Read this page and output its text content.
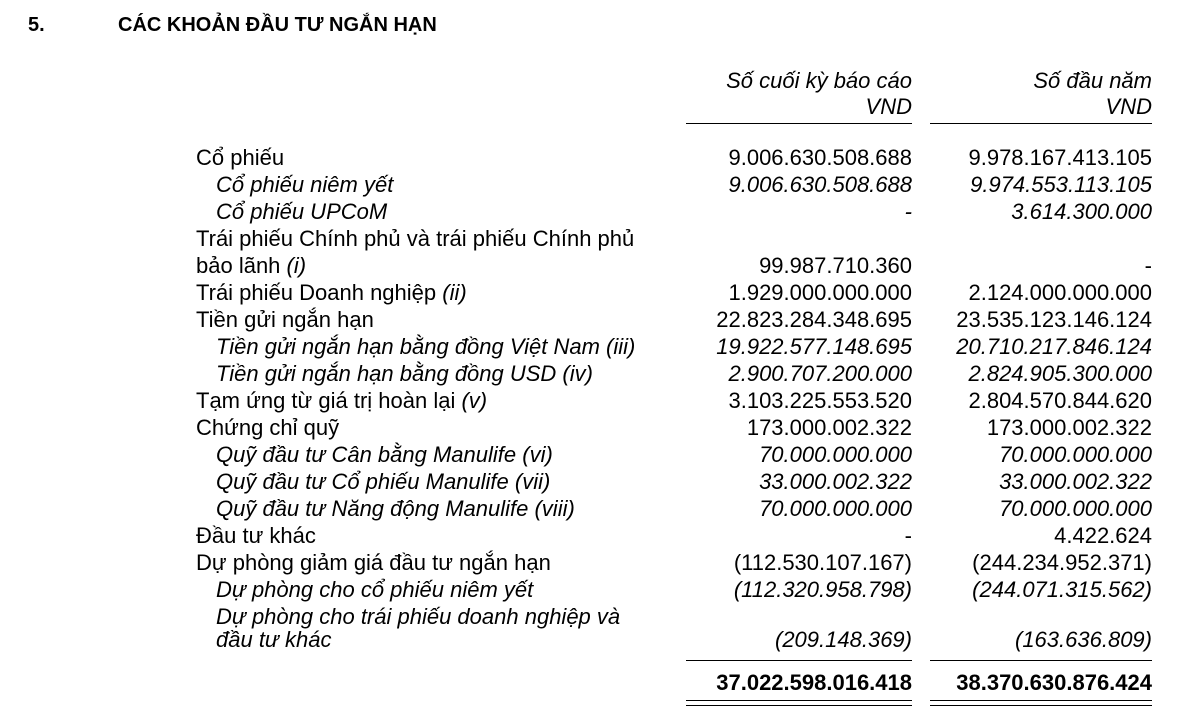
5.	CÁC KHOẢN ĐẦU TƯ NGẮN HẠN
Số cuối kỳ báo cáo
VND
Số đầu năm
VND
Cổ phiếu	9.006.630.508.688	9.978.167.413.105
Cổ phiếu niêm yết	9.006.630.508.688	9.974.553.113.105
Cổ phiếu UPCoM	-	3.614.300.000
Trái phiếu Chính phủ và trái phiếu Chính phủ
bảo lãnh (i)	99.987.710.360	-
Trái phiếu Doanh nghiệp (ii)	1.929.000.000.000	2.124.000.000.000
Tiền gửi ngắn hạn	22.823.284.348.695 23.535.123.146.124
Tiền gửi ngắn hạn bằng đồng Việt Nam (iii)	19.922.577.148.695 20.710.217.846.124
Tiền gửi ngắn hạn bằng đồng USD (iv)	2.900.707.200.000	2.824.905.300.000
Tạm ứng từ giá trị hoàn lại (v)	3.103.225.553.520	2.804.570.844.620
Chứng chỉ quỹ	173.000.002.322	173.000.002.322
Quỹ đầu tư Cân bằng Manulife (vi)	70.000.000.000	70.000.000.000
Quỹ đầu tư Cổ phiếu Manulife (vii)	33.000.002.322	33.000.002.322
Quỹ đầu tư Năng động Manulife (viii)	70.000.000.000	70.000.000.000
Đầu tư khác	-	4.422.624
Dự phòng giảm giá đầu tư ngắn hạn	(112.530.107.167)	(244.234.952.371)
Dự phòng cho cổ phiếu niêm yết	(112.320.958.798)	(244.071.315.562)
Dự phòng cho trái phiếu doanh nghiệp và
đầu tư khác	(209.148.369)	(163.636.809)
37.022.598.016.418 38.370.630.876.424
